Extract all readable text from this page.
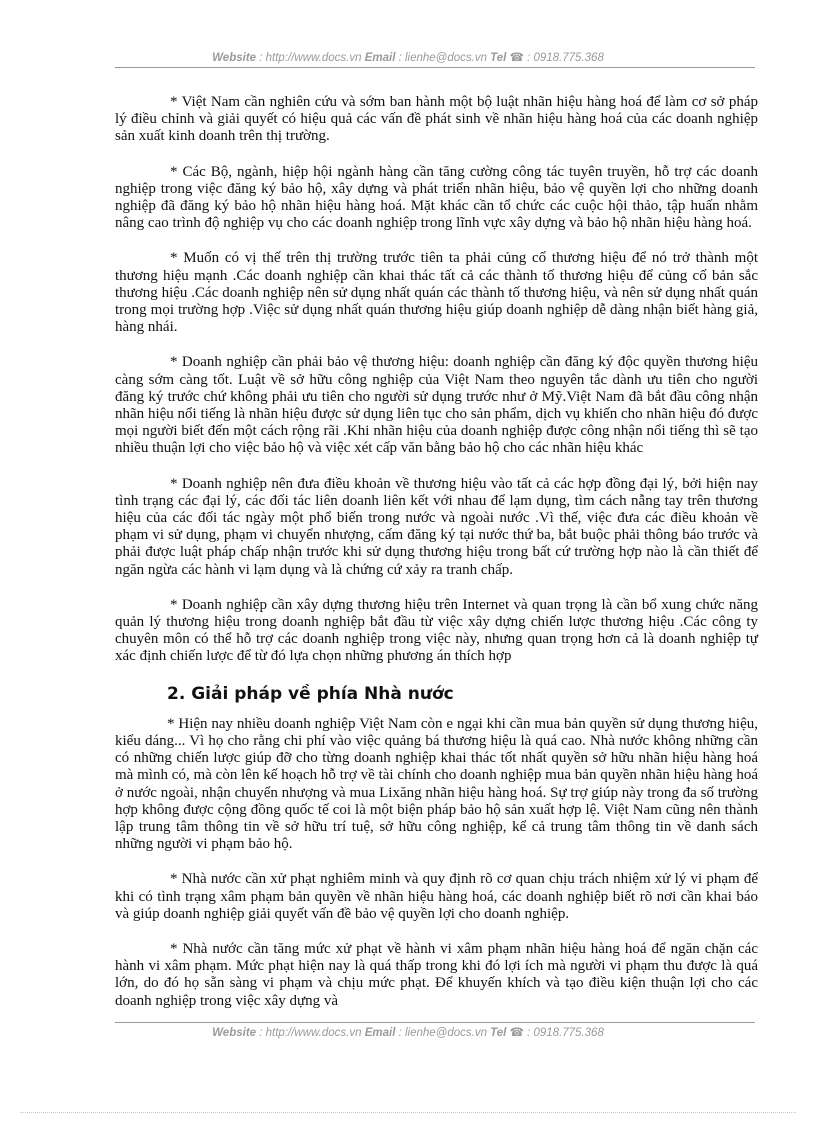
Website : http://www.docs.vn Email : lienhe@docs.vn Tel ☎ : 0918.775.368

* Việt Nam cần nghiên cứu và sớm ban hành một bộ luật nhãn hiệu hàng hoá để làm cơ sở pháp lý điều chỉnh và giải quyết có hiệu quả các vấn đề phát sinh về nhãn hiệu hàng hoá của các doanh nghiệp sản xuất kinh doanh trên thị trường.

* Các Bộ, ngành, hiệp hội ngành hàng cần tăng cường công tác tuyên truyền, hỗ trợ các doanh nghiệp trong việc đăng ký bảo hộ, xây dựng và phát triển nhãn hiệu, bảo vệ quyền lợi cho những doanh nghiệp đã đăng ký bảo hộ nhãn hiệu hàng hoá. Mặt khác cần tổ chức các cuộc hội thảo, tập huấn nhằm nâng cao trình độ nghiệp vụ cho các doanh nghiệp trong lĩnh vực xây dựng và bảo hộ nhãn hiệu hàng hoá.

* Muốn có vị thế trên thị trường trước tiên ta phải củng cố thương hiệu để nó trở thành một thương hiệu mạnh .Các doanh nghiệp cần khai thác tất cả các thành tố thương hiệu để củng cố bản sắc thương hiệu .Các doanh nghiệp nên sử dụng nhất quán các thành tố thương hiệu, và nên sử dụng nhất quán trong mọi trường hợp .Việc sử dụng nhất quán thương hiệu giúp doanh nghiệp dễ dàng nhận biết hàng giả, hàng nhái.

* Doanh nghiệp cần phải bảo vệ thương hiệu: doanh nghiệp cần đăng ký độc quyền thương hiệu càng sớm càng tốt. Luật về sở hữu công nghiệp của Việt Nam theo nguyên tắc dành ưu tiên cho người đăng ký trước chứ không phải ưu tiên cho người sử dụng trước như ở Mỹ.Việt Nam đã bắt đầu công nhận nhãn hiệu nổi tiếng là nhãn hiệu được sử dụng liên tục cho sản phẩm, dịch vụ khiến cho nhãn hiệu đó được mọi người biết đến một cách rộng rãi .Khi nhãn hiệu của doanh nghiệp được công nhận nổi tiếng thì sẽ tạo nhiều thuận lợi cho việc bảo hộ và việc xét cấp văn bằng bảo hộ cho các nhãn hiệu khác

* Doanh nghiệp nên đưa điều khoản về thương hiệu vào tất cả các hợp đồng đại lý, bởi hiện nay tình trạng các đại lý, các đối tác liên doanh liên kết với nhau để lạm dụng, tìm cách nẫng tay trên thương hiệu của các đối tác ngày một phổ biến trong nước và ngoài nước .Vì thế, việc đưa các điều khoản về phạm vi sử dụng, phạm vi chuyển nhượng, cấm đăng ký tại nước thứ ba, bắt buộc phải thông báo trước và phải được luật pháp chấp nhận trước khi sử dụng thương hiệu trong bất cứ trường hợp nào là cần thiết để ngăn ngừa các hành vi lạm dụng và là chứng cứ xảy ra tranh chấp.

* Doanh nghiệp cần xây dựng thương hiệu trên Internet và quan trọng là cần bổ xung chức năng quản lý thương hiệu trong doanh nghiệp bắt đầu từ việc xây dựng chiến lược thương hiệu .Các công ty chuyên môn có thể hỗ trợ các doanh nghiệp trong việc này, nhưng quan trọng hơn cả là doanh nghiệp tự xác định chiến lược để từ đó lựa chọn những phương án thích hợp

2. Giải pháp về phía Nhà nước

* Hiện nay nhiều doanh nghiệp Việt Nam còn e ngại khi cần mua bản quyền sử dụng thương hiệu, kiểu dáng... Vì họ cho rằng chi phí vào việc quảng bá thương hiệu là quá cao. Nhà nước không những cần có những chiến lược giúp đỡ cho từng doanh nghiệp khai thác tốt nhất quyền sở hữu nhãn hiệu hàng hoá mà mình có, mà còn lên kế hoạch hỗ trợ về tài chính cho doanh nghiệp mua bản quyền nhãn hiệu hàng hoá ở nước ngoài, nhận chuyển nhượng và mua Lixăng nhãn hiệu hàng hoá. Sự trợ giúp này trong đa số trường hợp không được cộng đồng quốc tế coi là một biện pháp bảo hộ sản xuất hợp lệ. Việt Nam cũng nên thành lập trung tâm thông tin về sở hữu trí tuệ, sở hữu công nghiệp, kể cả trung tâm thông tin về danh sách những người vi phạm bảo hộ.

* Nhà nước cần xử phạt nghiêm minh và quy định rõ cơ quan chịu trách nhiệm xử lý vi phạm để khi có tình trạng xâm phạm bản quyền về nhãn hiệu hàng hoá, các doanh nghiệp biết rõ nơi cần khai báo và giúp doanh nghiệp giải quyết vấn đề bảo vệ quyền lợi cho doanh nghiệp.

* Nhà nước cần tăng mức xử phạt về hành vi xâm phạm nhãn hiệu hàng hoá để ngăn chặn các hành vi xâm phạm. Mức phạt hiện nay là quá thấp trong khi đó lợi ích mà người vi phạm thu được là quá lớn, do đó họ sẵn sàng vi phạm và chịu mức phạt. Để khuyến khích và tạo điều kiện thuận lợi cho các doanh nghiệp trong việc xây dựng và

Website : http://www.docs.vn Email : lienhe@docs.vn Tel ☎ : 0918.775.368
